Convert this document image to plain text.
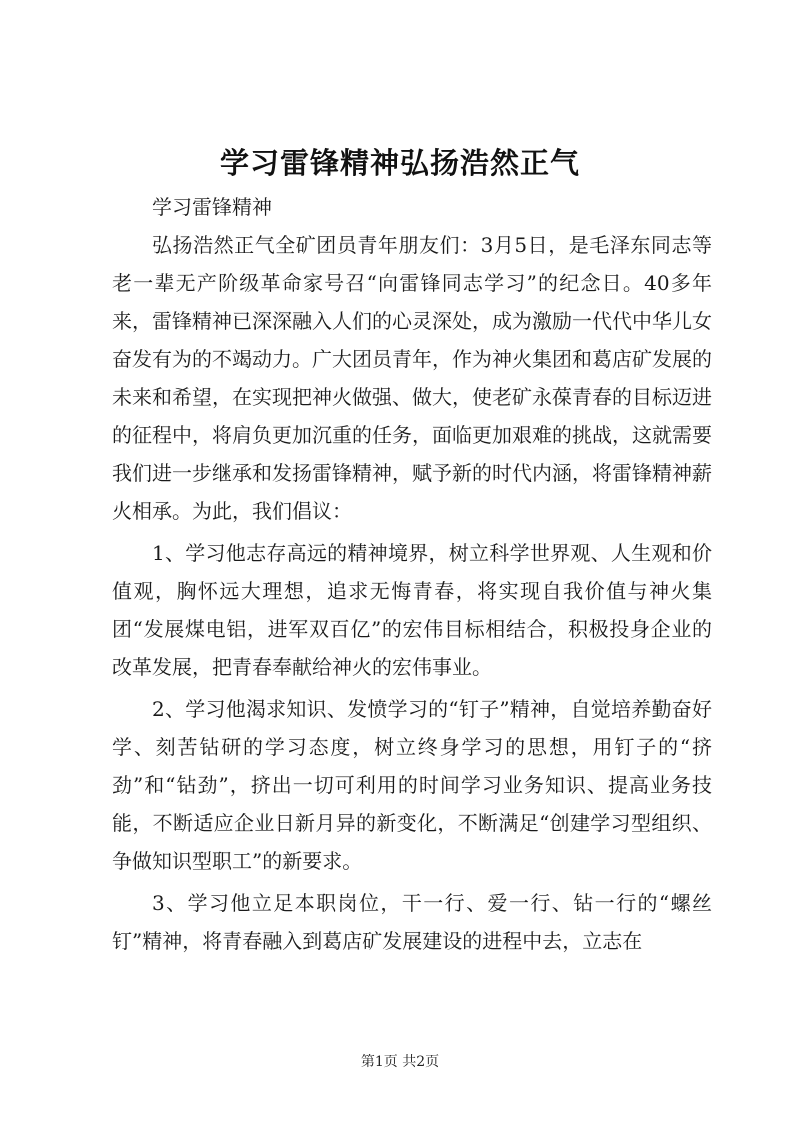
学习雷锋精神弘扬浩然正气

学习雷锋精神

弘扬浩然正气全矿团员青年朋友们：3月5日，是毛泽东同志等老一辈无产阶级革命家号召“向雷锋同志学习”的纪念日。40多年来，雷锋精神已深深融入人们的心灵深处，成为激励一代代中华儿女奋发有为的不竭动力。广大团员青年，作为神火集团和葛店矿发展的未来和希望，在实现把神火做强、做大，使老矿永葆青春的目标迈进的征程中，将肩负更加沉重的任务，面临更加艰难的挑战，这就需要我们进一步继承和发扬雷锋精神，赋予新的时代内涵，将雷锋精神薪火相承。为此，我们倡议：

1、学习他志存高远的精神境界，树立科学世界观、人生观和价值观，胸怀远大理想，追求无悔青春，将实现自我价值与神火集团“发展煤电铝，进军双百亿”的宏伟目标相结合，积极投身企业的改革发展，把青春奉献给神火的宏伟事业。

2、学习他渴求知识、发愤学习的“钉子”精神，自觉培养勤奋好学、刻苦钻研的学习态度，树立终身学习的思想，用钉子的“挤劲”和“钻劲”，挤出一切可利用的时间学习业务知识、提高业务技能，不断适应企业日新月异的新变化，不断满足“创建学习型组织、争做知识型职工”的新要求。

3、学习他立足本职岗位，干一行、爱一行、钻一行的“螺丝钉”精神，将青春融入到葛店矿发展建设的进程中去，立志在

第1页 共2页
